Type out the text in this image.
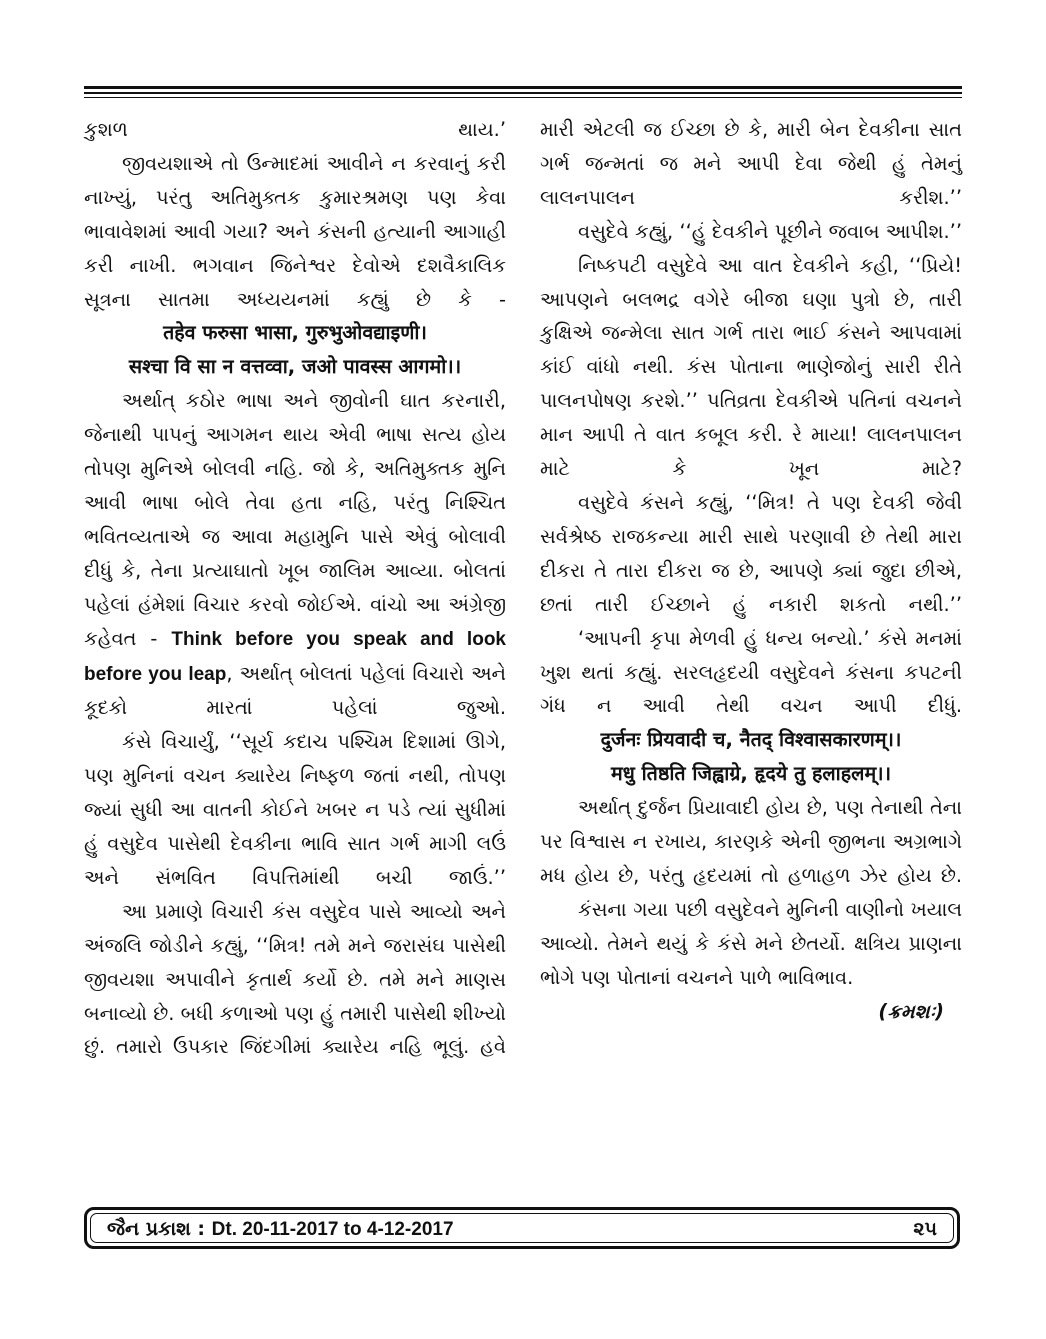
કુશળ થાય.’

જીવયશાએ તો ઉન્માદમાં આવીને ન કરવાનું કરી નાખ્યું, પરંતુ અતિમુક્તક કુમારશ્રમણ પણ કેવા ભાવાવેશમાં આવી ગયા? અને કંસની હત્યાની આગાહી કરી નાખી. ભગવાન જિનેશ્વર દેવોએ દશવૈકાલિક સૂત્રના સાતમા અધ્યયનમાં કહ્યું છે કે -

तहेव फरुसा भासा, गुरुभुओवद्याइणी।

सश्चा वि सा न वत्तव्वा, जओ पावस्स आगमो।।

અર્થાત્ કઠોર ભાષા અને જીવોની ઘાત કરનારી, જેનાથી પાપનું આગમન થાય એવી ભાષા સત્ય હોય તોપણ મુનિએ બોલવી નહિ. જો કે, અતિમુક્તક મુનિ આવી ભાષા બોલે તેવા હતા નહિ, પરંતુ નિશ્ચિત ભવિતવ્યતાએ જ આવા મહામુનિ પાસે એવું બોલાવી દીધું કે, તેના પ્રત્યાઘાતો ખૂબ જાલિમ આવ્યા. બોલતાં પહેલાં હંમેશાં વિચાર કરવો જોઈએ. વાંચો આ અંગ્રેજી કહેવત - Think before you speak and look before you leap, અર્થાત્ બોલતાં પહેલાં વિચારો અને કૂદકો મારતાં પહેલાં જુઓ.

કંસે વિચાર્યું, ‘‘સૂર્ય કદાચ પશ્ચિમ દિશામાં ઊગે, પણ મુનિનાં વચન ક્યારેય નિષ્ફળ જતાં નથી, તોપણ જ્યાં સુધી આ વાતની કોઈને ખબર ન પડે ત્યાં સુધીમાં હું વસુદેવ પાસેથી દેવકીના ભાવિ સાત ગર્ભ માગી લઉં અને સંભવિત વિપત્તિમાંથી બચી જાઉં.’’

આ પ્રમાણે વિચારી કંસ વસુદેવ પાસે આવ્યો અને અંજલિ જોડીને કહ્યું, ‘‘મિત્ર! તમે મને જરાસંઘ પાસેથી જીવયશા અપાવીને કૃતાર્થ કર્યો છે. તમે મને માણસ બનાવ્યો છે. બધી કળાઓ પણ હું તમારી પાસેથી શીખ્યો છું. તમારો ઉપકાર જિંદગીમાં ક્યારેય નહિ ભૂલું. હવે

મારી એટલી જ ઈચ્છા છે કે, મારી બેન દેવકીના સાત ગર્ભ જન્મતાં જ મને આપી દેવા જેથી હું તેમનું લાલનપાલન કરીશ.’’

વસુદેવે કહ્યું, ‘‘હું દેવકીને પૂછીને જવાબ આપીશ.’’

નિષ્કપટી વસુદેવે આ વાત દેવકીને કહી, ‘‘પ્રિયે! આપણને બલભદ્ર વગેરે બીજા ઘણા પુત્રો છે, તારી કુક્ષિએ જન્મેલા સાત ગર્ભ તારા ભાઈ કંસને આપવામાં કાંઈ વાંધો નથી. કંસ પોતાના ભાણેજોનું સારી રીતે પાલનપોષણ કરશે.’’ પતિવ્રતા દેવકીએ પતિનાં વચનને માન આપી તે વાત કબૂલ કરી. રે માયા! લાલનપાલન માટે કે ખૂન માટે?

વસુદેવે કંસને કહ્યું, ‘‘મિત્ર! તે પણ દેવકી જેવી સર્વશ્રેષ્ઠ રાજકન્યા મારી સાથે પરણાવી છે તેથી મારા દીકરા તે તારા દીકરા જ છે, આપણે ક્યાં જુદા છીએ, છતાં તારી ઈચ્છાને હું નકારી શકતો નથી.’’

‘આપની કૃપા મેળવી હું ધન્ય બન્યો.’ કંસે મનમાં ખુશ થતાં કહ્યું. સરલહૃદયી વસુદેવને કંસના કપટની ગંધ ન આવી તેથી વચન આપી દીધું.

दुर्जनः प्रियवादी च, नैतद् विश्वासकारणम्।।

मधु तिष्ठति जिह्वाग्रे, हृदये तु हलाहलम्।।

અર્થાત્ દુર્જન પ્રિયાવાદી હોય છે, પણ તેનાથી તેના પર વિશ્વાસ ન રખાય, કારણકે એની જીભના અગ્રભાગે મધ હોય છે, પરંતુ હૃદયમાં તો હળાહળ ઝેર હોય છે.

કંસના ગયા પછી વસુદેવને મુનિની વાણીનો ખયાલ આવ્યો. તેમને થયું કે કંસે મને છેતર્યો. ક્ષત્રિય પ્રાણના ભોગે પણ પોતાનાં વચનને પાળે ભાવિભાવ.
(ક્રમશઃ)

જૈન પ્રકાશ : Dt. 20-11-2017 to 4-12-2017	૨૫
